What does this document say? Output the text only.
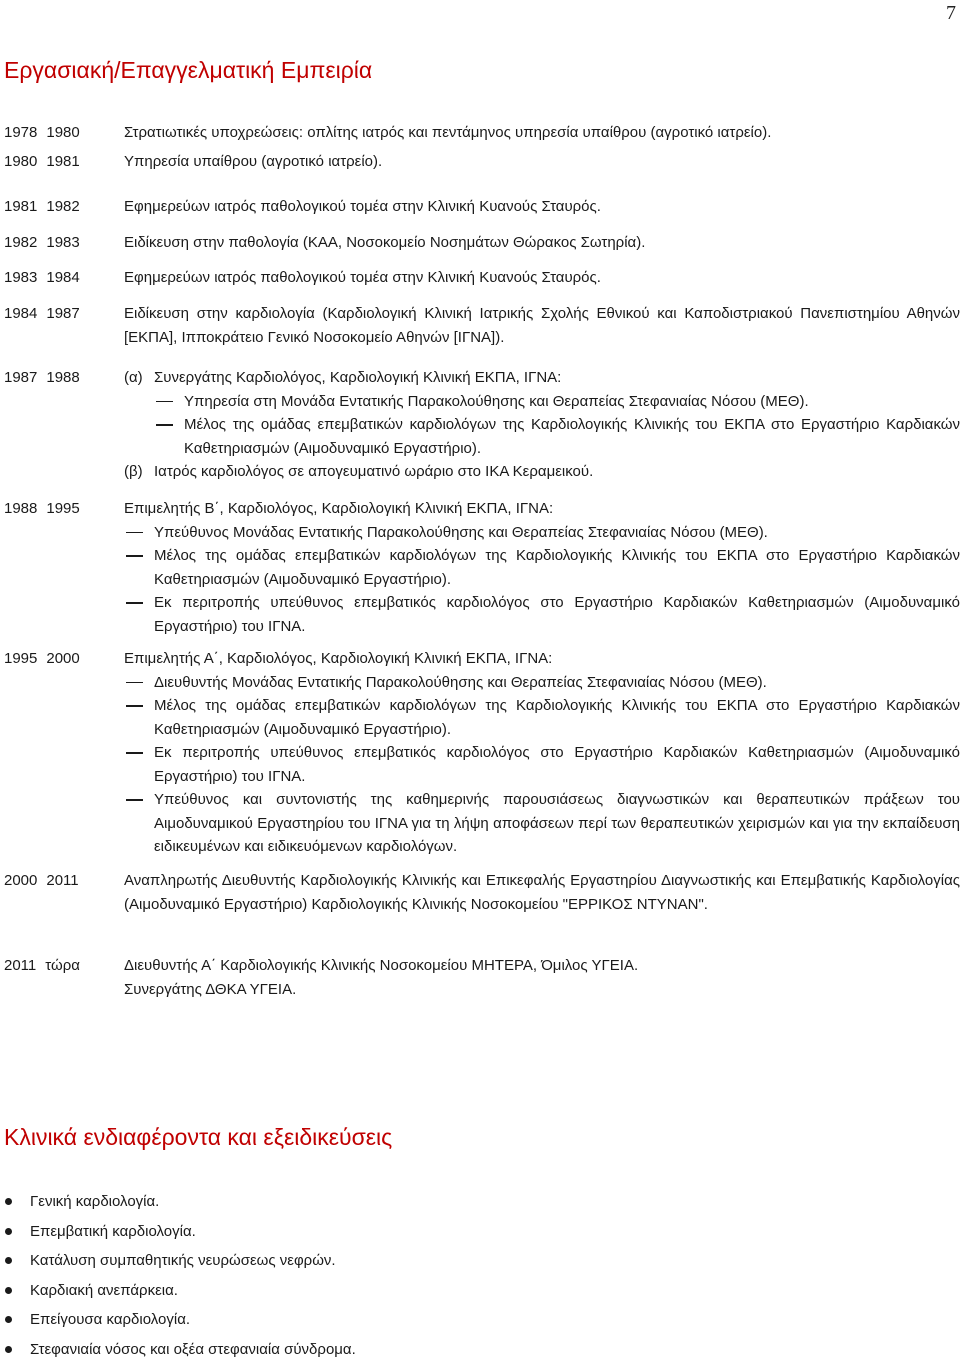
7
Εργασιακή/Επαγγελματική Εμπειρία
1978 1980	Στρατιωτικές υποχρεώσεις: οπλίτης ιατρός και πεντάμηνος υπηρεσία υπαίθρου (αγροτικό ιατρείο).
1980 1981	Υπηρεσία υπαίθρου (αγροτικό ιατρείο).
1981 1982	Εφημερεύων ιατρός παθολογικού τομέα στην Κλινική Κυανούς Σταυρός.
1982 1983	Ειδίκευση στην παθολογία (ΚΑΑ, Νοσοκομείο Νοσημάτων Θώρακος Σωτηρία).
1983 1984	Εφημερεύων ιατρός παθολογικού τομέα στην Κλινική Κυανούς Σταυρός.
1984 1987	Ειδίκευση στην καρδιολογία (Καρδιολογική Κλινική Ιατρικής Σχολής Εθνικού και Καποδιστριακού Πανεπιστημίου Αθηνών [ΕΚΠΑ], Ιπποκράτειο Γενικό Νοσοκομείο Αθηνών [ΙΓΝΑ]).
1987 1988	(α) Συνεργάτης Καρδιολόγος, Καρδιολογική Κλινική ΕΚΠΑ, ΙΓΝΑ:
Υπηρεσία στη Μονάδα Εντατικής Παρακολούθησης και Θεραπείας Στεφανιαίας Νόσου (ΜΕΘ).
Μέλος της ομάδας επεμβατικών καρδιολόγων της Καρδιολογικής Κλινικής του ΕΚΠΑ στο Εργαστήριο Καρδιακών Καθετηριασμών (Αιμοδυναμικό Εργαστήριο).
(β) Ιατρός καρδιολόγος σε απογευματινό ωράριο στο ΙΚΑ Κεραμεικού.
1988 1995	Επιμελητής Β΄, Καρδιολόγος, Καρδιολογική Κλινική ΕΚΠΑ, ΙΓΝΑ:
Υπεύθυνος Μονάδας Εντατικής Παρακολούθησης και Θεραπείας Στεφανιαίας Νόσου (ΜΕΘ).
Μέλος της ομάδας επεμβατικών καρδιολόγων της Καρδιολογικής Κλινικής του ΕΚΠΑ στο Εργαστήριο Καρδιακών Καθετηριασμών (Αιμοδυναμικό Εργαστήριο).
Εκ περιτροπής υπεύθυνος επεμβατικός καρδιολόγος στο Εργαστήριο Καρδιακών Καθετηριασμών (Αιμοδυναμικό Εργαστήριο) του ΙΓΝΑ.
1995 2000	Επιμελητής Α΄, Καρδιολόγος, Καρδιολογική Κλινική ΕΚΠΑ, ΙΓΝΑ:
Διευθυντής Μονάδας Εντατικής Παρακολούθησης και Θεραπείας Στεφανιαίας Νόσου (ΜΕΘ).
Μέλος της ομάδας επεμβατικών καρδιολόγων της Καρδιολογικής Κλινικής του ΕΚΠΑ στο Εργαστήριο Καρδιακών Καθετηριασμών (Αιμοδυναμικό Εργαστήριο).
Εκ περιτροπής υπεύθυνος επεμβατικός καρδιολόγος στο Εργαστήριο Καρδιακών Καθετηριασμών (Αιμοδυναμικό Εργαστήριο) του ΙΓΝΑ.
Υπεύθυνος και συντονιστής της καθημερινής παρουσιάσεως διαγνωστικών και θεραπευτικών πράξεων του Αιμοδυναμικού Εργαστηρίου του ΙΓΝΑ για τη λήψη αποφάσεων περί των θεραπευτικών χειρισμών και για την εκπαίδευση ειδικευμένων και ειδικευόμενων καρδιολόγων.
2000 2011	Αναπληρωτής Διευθυντής Καρδιολογικής Κλινικής και Επικεφαλής Εργαστηρίου Διαγνωστικής και Επεμβατικής Καρδιολογίας (Αιμοδυναμικό Εργαστήριο) Καρδιολογικής Κλινικής Νοσοκομείου "ΕΡΡΙΚΟΣ ΝΤΥΝΑΝ".
2011 τώρα	Διευθυντής Α΄ Καρδιολογικής Κλινικής Νοσοκομείου ΜΗΤΕΡΑ, Όμιλος ΥΓΕΙΑ.
Συνεργάτης ΔΘΚΑ ΥΓΕΙΑ.
Κλινικά ενδιαφέροντα και εξειδικεύσεις
Γενική καρδιολογία.
Επεμβατική καρδιολογία.
Κατάλυση συμπαθητικής νευρώσεως νεφρών.
Καρδιακή ανεπάρκεια.
Επείγουσα καρδιολογία.
Στεφανιαία νόσος και οξέα στεφανιαία σύνδρομα.
